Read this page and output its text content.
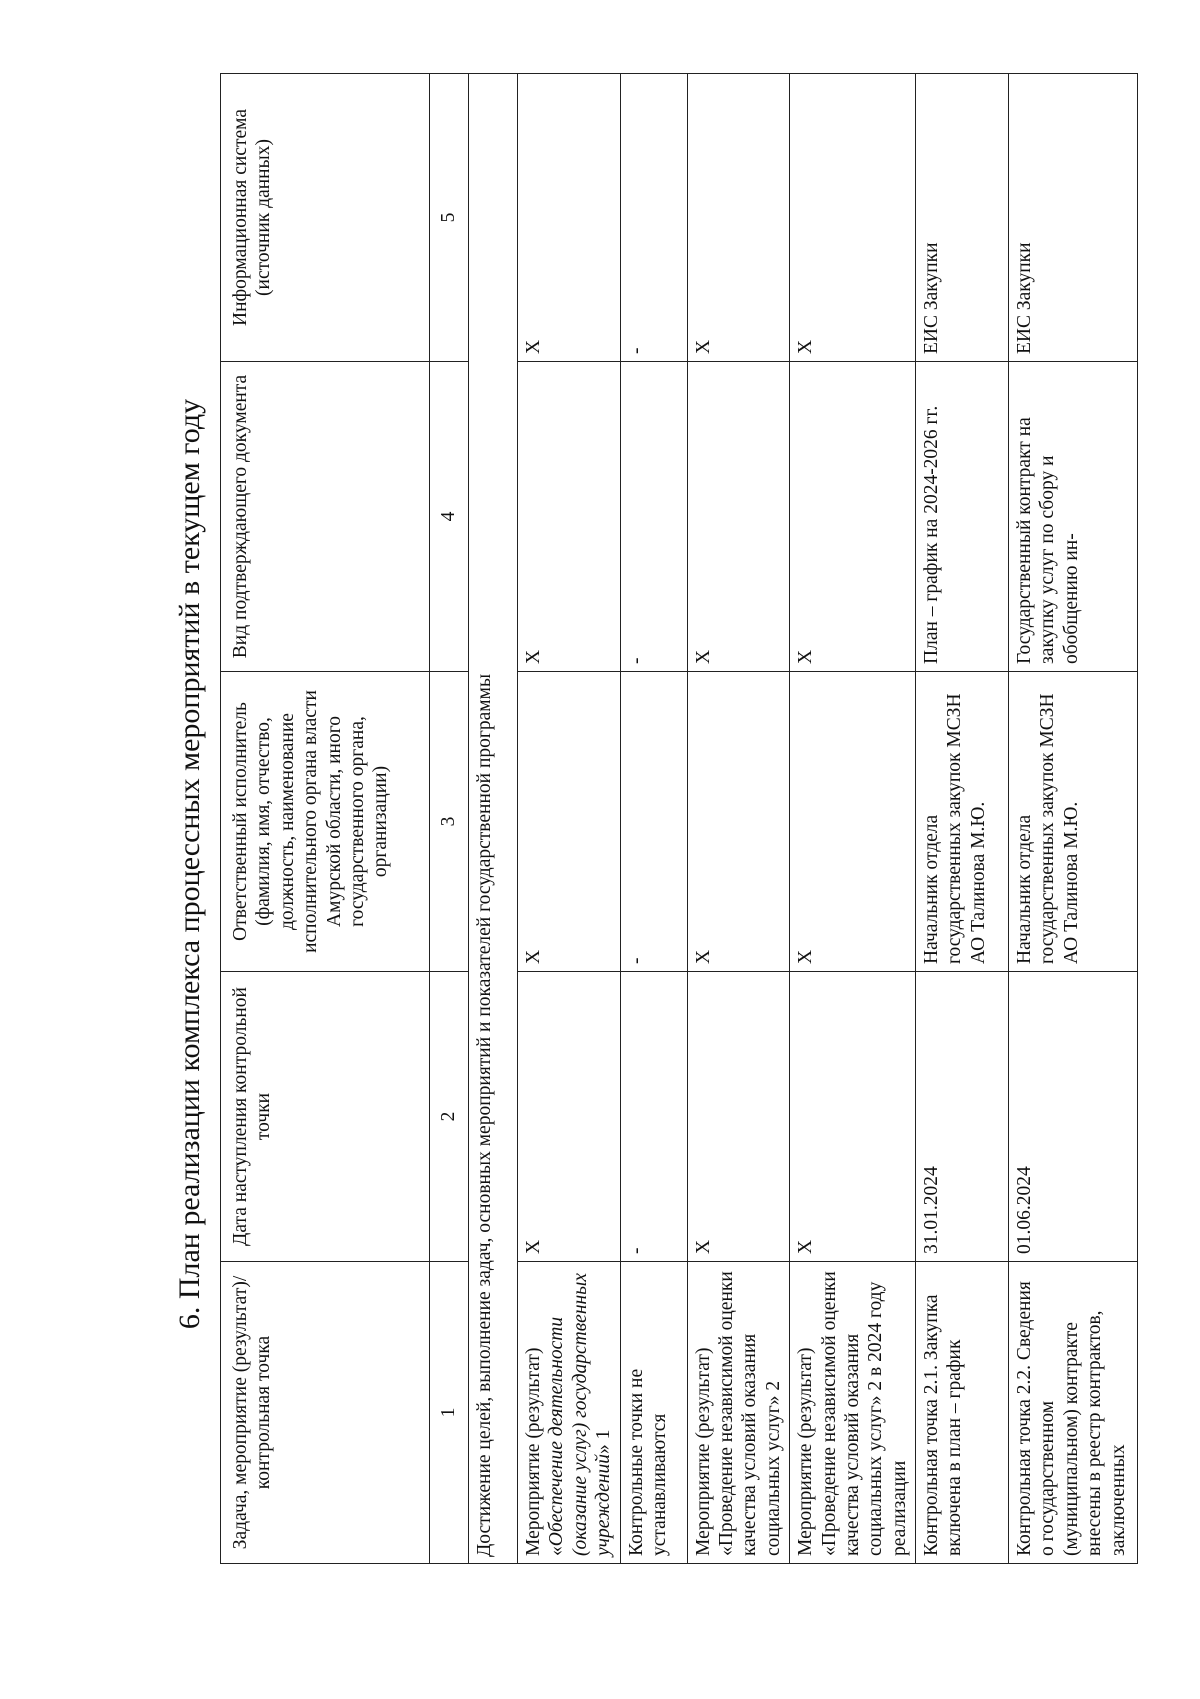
6. План реализации комплекса процессных мероприятий в текущем году
Задача, мероприятие (результат)/контрольная точка	Дата наступления контрольной точки	Ответственный исполнитель (фамилия, имя, отчество, должность, наименование исполнительного органа власти Амурской области, иного государственного органа, организации)	Вид подтверждающего документа	Информационная система (источник данных)
1	2	3	4	5
Достижение целей, выполнение задач, основных мероприятий и показателей государственной программы				
Мероприятие (результат) «Обеспечение деятельности (оказание услуг) государственных учреждений» 1	X	X	X	X
Контрольные точки не устанавливаются	-	-	-	-
Мероприятие (результат) «Проведение независимой оценки качества условий оказания социальных услуг» 2	X	X	X	X
Мероприятие (результат) «Проведение независимой оценки качества условий оказания социальных услуг» 2 в 2024 году реализации	X	X	X	X
Контрольная точка 2.1. Закупка включена в план – график	31.01.2024	Начальник отдела государственных закупок МСЗН АО Талинова М.Ю.	План – график на 2024-2026 гг.	ЕИС Закупки
Контрольная точка 2.2. Сведения о государственном (муниципальном) контракте внесены в реестр контрактов, заключенных	01.06.2024	Начальник отдела государственных закупок МСЗН АО Талинова М.Ю.	Государственный контракт на закупку услуг по сбору и обобщению ин-	ЕИС Закупки
